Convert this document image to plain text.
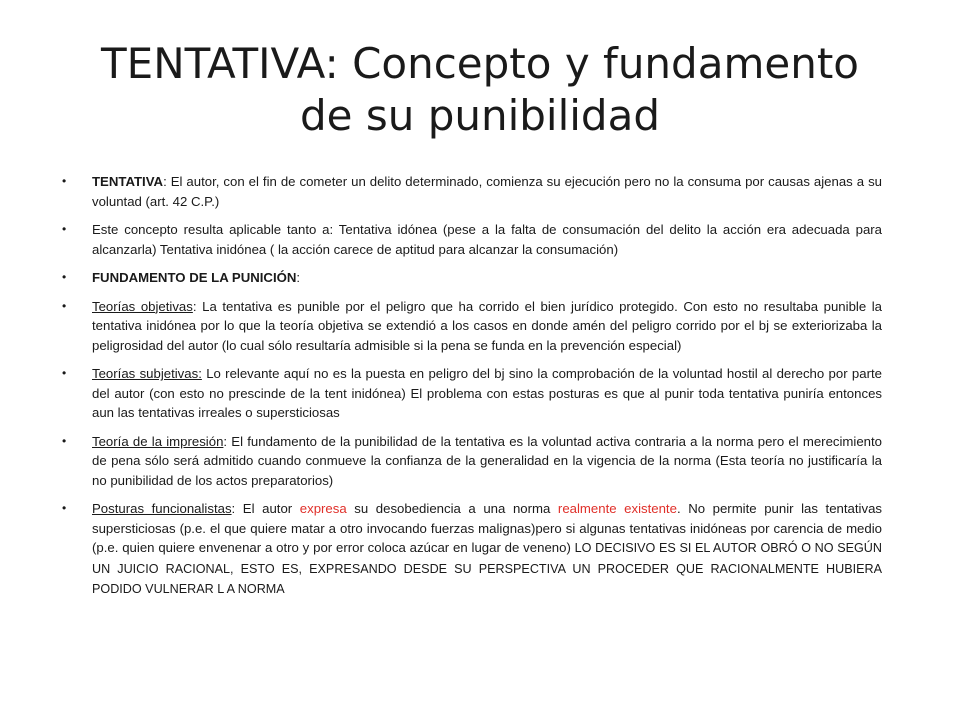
TENTATIVA: Concepto y fundamento
de su punibilidad
• TENTATIVA: El autor, con el fin de cometer un delito determinado, comienza su ejecución pero no la consuma por causas ajenas a su voluntad (art. 42 C.P.)
• Este concepto resulta aplicable tanto a: Tentativa idónea (pese a la falta de consumación del delito la acción era adecuada para alcanzarla) Tentativa inidónea ( la acción carece de aptitud para alcanzar la consumación)
• FUNDAMENTO DE LA PUNICIÓN:
• Teorías objetivas: La tentativa es punible por el peligro que ha corrido el bien jurídico protegido. Con esto no resultaba punible la tentativa inidónea por lo que la teoría objetiva se extendió a los casos en donde amén del peligro corrido por el bj se exteriorizaba la peligrosidad del autor (lo cual sólo resultaría admisible si la pena se funda en la prevención especial)
• Teorías subjetivas: Lo relevante aquí no es la puesta en peligro del bj sino la comprobación de la voluntad hostil al derecho por parte del autor (con esto no prescinde de la tent inidónea) El problema con estas posturas es que al punir toda tentativa puniría entonces aun las tentativas irreales o supersticiosas
• Teoría de la impresión: El fundamento de la punibilidad de la tentativa es la voluntad activa contraria a la norma pero el merecimiento de pena sólo será admitido cuando conmueve la confianza de la generalidad en la vigencia de la norma (Esta teoría no justificaría la no punibilidad de los actos preparatorios)
• Posturas funcionalistas: El autor expresa su desobediencia a una norma realmente existente. No permite punir las tentativas supersticiosas (p.e. el que quiere matar a otro invocando fuerzas malignas)pero si algunas tentativas inidóneas por carencia de medio (p.e. quien quiere envenenar a otro y por error coloca azúcar en lugar de veneno) LO DECISIVO ES SI EL AUTOR OBRÓ O NO SEGÚN UN JUICIO RACIONAL, ESTO ES, EXPRESANDO DESDE SU PERSPECTIVA UN PROCEDER QUE RACIONALMENTE HUBIERA PODIDO VULNERAR L A NORMA
